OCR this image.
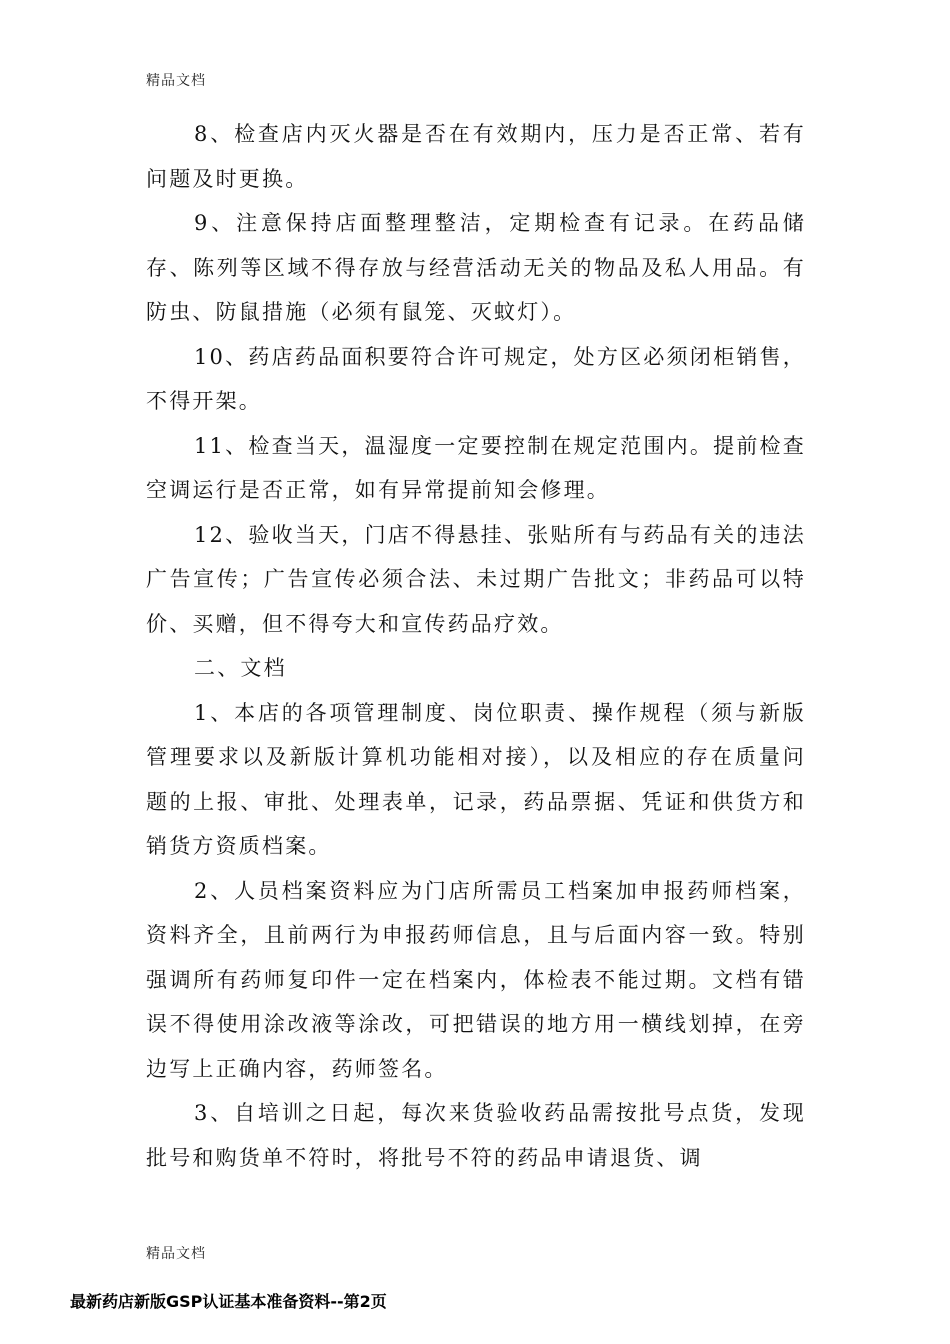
精品文档

8、检查店内灭火器是否在有效期内，压力是否正常、若有问题及时更换。

9、注意保持店面整理整洁，定期检查有记录。在药品储存、陈列等区域不得存放与经营活动无关的物品及私人用品。有防虫、防鼠措施（必须有鼠笼、灭蚊灯）。

10、药店药品面积要符合许可规定，处方区必须闭柜销售，不得开架。

11、检查当天，温湿度一定要控制在规定范围内。提前检查空调运行是否正常，如有异常提前知会修理。

12、验收当天，门店不得悬挂、张贴所有与药品有关的违法广告宣传；广告宣传必须合法、未过期广告批文；非药品可以特价、买赠，但不得夸大和宣传药品疗效。

二、文档

1、本店的各项管理制度、岗位职责、操作规程（须与新版管理要求以及新版计算机功能相对接），以及相应的存在质量问题的上报、审批、处理表单，记录，药品票据、凭证和供货方和销货方资质档案。

2、人员档案资料应为门店所需员工档案加申报药师档案，资料齐全，且前两行为申报药师信息，且与后面内容一致。特别强调所有药师复印件一定在档案内，体检表不能过期。文档有错误不得使用涂改液等涂改，可把错误的地方用一横线划掉，在旁边写上正确内容，药师签名。

3、自培训之日起，每次来货验收药品需按批号点货，发现批号和购货单不符时，将批号不符的药品申请退货、调

精品文档
最新药店新版GSP认证基本准备资料--第2页
